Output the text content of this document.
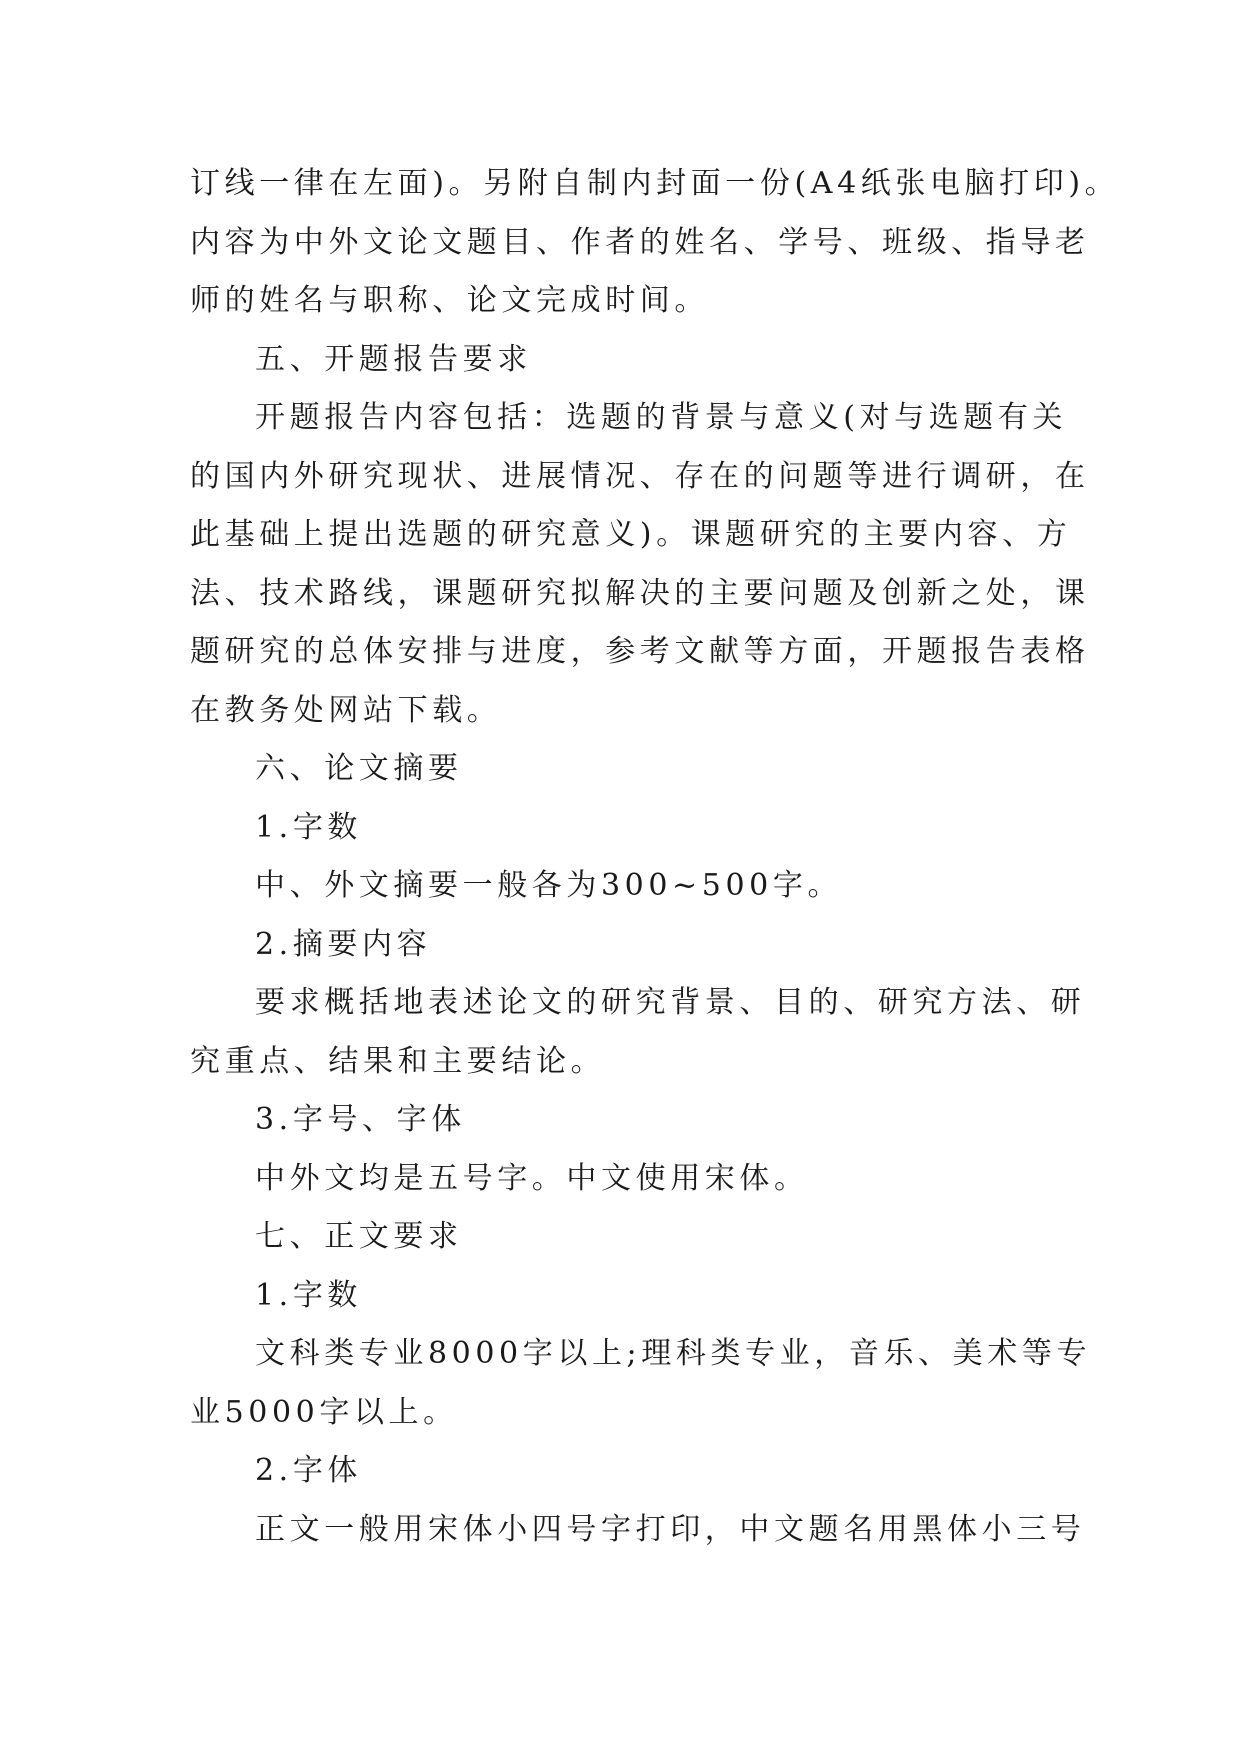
订线一律在左面)。另附自制内封面一份(A4纸张电脑打印)。
内容为中外文论文题目、作者的姓名、学号、班级、指导老
师的姓名与职称、论文完成时间。
五、开题报告要求
开题报告内容包括：选题的背景与意义(对与选题有关
的国内外研究现状、进展情况、存在的问题等进行调研，在
此基础上提出选题的研究意义)。课题研究的主要内容、方
法、技术路线，课题研究拟解决的主要问题及创新之处，课
题研究的总体安排与进度，参考文献等方面，开题报告表格
在教务处网站下载。
六、论文摘要
1.字数
中、外文摘要一般各为300~500字。
2.摘要内容
要求概括地表述论文的研究背景、目的、研究方法、研
究重点、结果和主要结论。
3.字号、字体
中外文均是五号字。中文使用宋体。
七、正文要求
1.字数
文科类专业8000字以上;理科类专业，音乐、美术等专
业5000字以上。
2.字体
正文一般用宋体小四号字打印，中文题名用黑体小三号
